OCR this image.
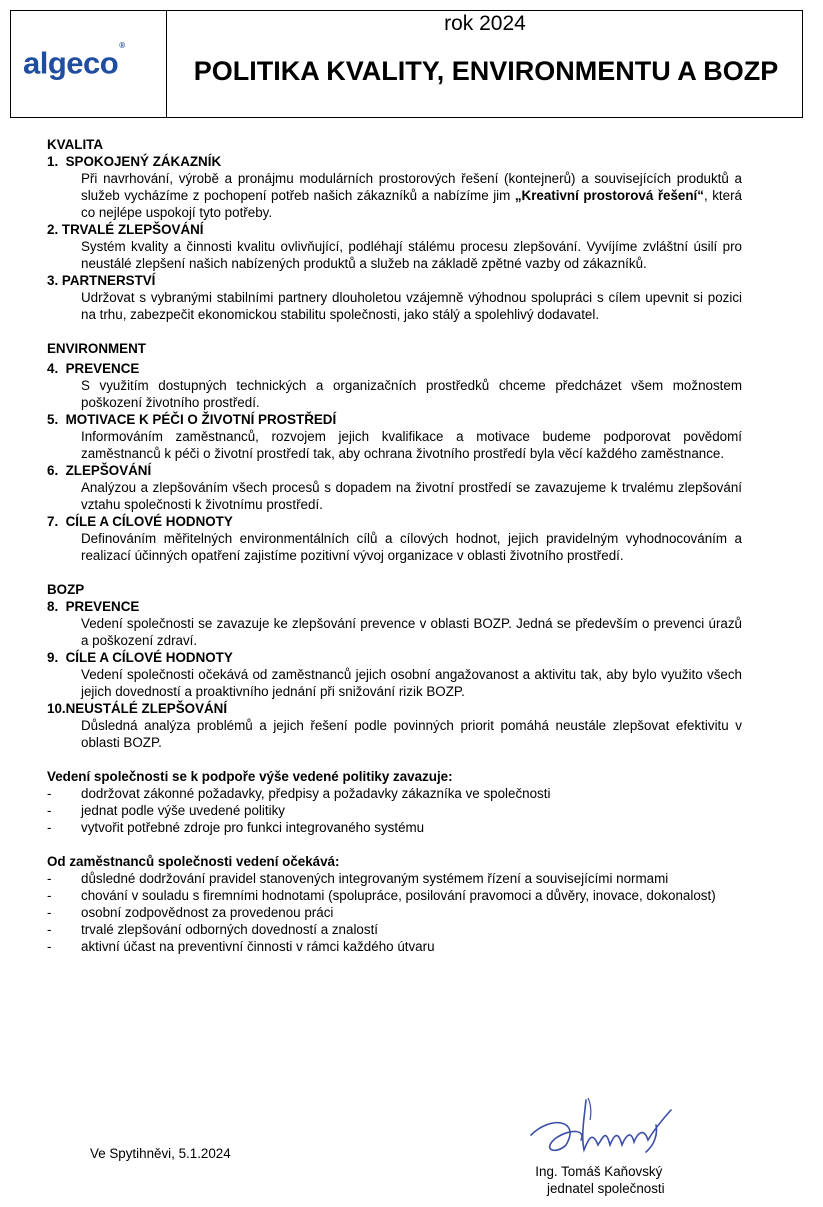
algeco®
rok 2024
POLITIKA KVALITY, ENVIRONMENTU A BOZP
KVALITA
1. SPOKOJENÝ ZÁKAZNÍK
Při navrhování, výrobě a pronájmu modulárních prostorových řešení (kontejnerů) a souvisejících produktů a služeb vycházíme z pochopení potřeb našich zákazníků a nabízíme jim „Kreativní prostorová řešení“, která co nejlépe uspokojí tyto potřeby.
2. TRVALÉ ZLEPŠOVÁNÍ
Systém kvality a činnosti kvalitu ovlivňující, podléhají stálému procesu zlepšování. Vyvíjíme zvláštní úsilí pro neustálé zlepšení našich nabízených produktů a služeb na základě zpětné vazby od zákazníků.
3. PARTNERSTVÍ
Udržovat s vybranými stabilními partnery dlouholetou vzájemně výhodnou spolupráci s cílem upevnit si pozici na trhu, zabezpečit ekonomickou stabilitu společnosti, jako stálý a spolehlivý dodavatel.
ENVIRONMENT
4. PREVENCE
S využitím dostupných technických a organizačních prostředků chceme předcházet všem možnostem poškození životního prostředí.
5. MOTIVACE K PÉČI O ŽIVOTNÍ PROSTŘEDÍ
Informováním zaměstnanců, rozvojem jejich kvalifikace a motivace budeme podporovat povědomí zaměstnanců k péči o životní prostředí tak, aby ochrana životního prostředí byla věcí každého zaměstnance.
6. ZLEPŠOVÁNÍ
Analýzou a zlepšováním všech procesů s dopadem na životní prostředí se zavazujeme k trvalému zlepšování vztahu společnosti k životnímu prostředí.
7. CÍLE A CÍLOVÉ HODNOTY
Definováním měřitelných environmentálních cílů a cílových hodnot, jejich pravidelným vyhodnocováním a realizací účinných opatření zajistíme pozitivní vývoj organizace v oblasti životního prostředí.
BOZP
8. PREVENCE
Vedení společnosti se zavazuje ke zlepšování prevence v oblasti BOZP. Jedná se především o prevenci úrazů a poškození zdraví.
9. CÍLE A CÍLOVÉ HODNOTY
Vedení společnosti očekává od zaměstnanců jejich osobní angažovanost a aktivitu tak, aby bylo využito všech jejich dovedností a proaktivního jednání při snižování rizik BOZP.
10.NEUSTÁLÉ ZLEPŠOVÁNÍ
Důsledná analýza problémů a jejich řešení podle povinných priorit pomáhá neustále zlepšovat efektivitu v oblasti BOZP.
Vedení společnosti se k podpoře výše vedené politiky zavazuje:
-	dodržovat zákonné požadavky, předpisy a požadavky zákazníka ve společnosti
-	jednat podle výše uvedené politiky
-	vytvořit potřebné zdroje pro funkci integrovaného systému
Od zaměstnanců společnosti vedení očekává:
-	důsledné dodržování pravidel stanovených integrovaným systémem řízení a souvisejícími normami
-	chování v souladu s firemními hodnotami (spolupráce, posilování pravomoci a důvěry, inovace, dokonalost)
-	osobní zodpovědnost za provedenou práci
-	trvalé zlepšování odborných dovedností a znalostí
-	aktivní účast na preventivní činnosti v rámci každého útvaru
Ve Spytihněvi, 5.1.2024
Ing. Tomáš Kaňovský
jednatel společnosti
